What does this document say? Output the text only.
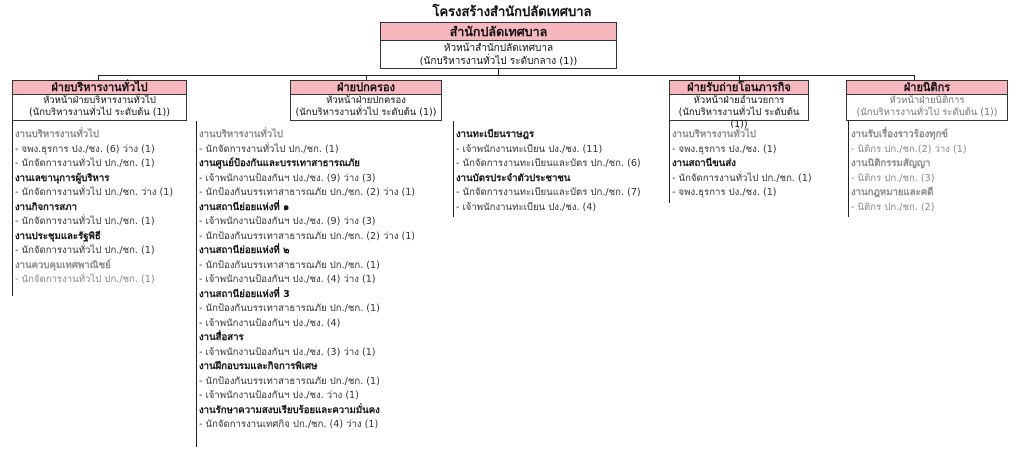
โครงสร้างสำนักปลัดเทศบาล
สำนักปลัดเทศบาล
หัวหน้าสำนักปลัดเทศบาล
(นักบริหารงานทั่วไป ระดับกลาง (1))
ฝ่ายบริหารงานทั่วไป
หัวหน้าฝ่ายบริหารงานทั่วไป
(นักบริหารงานทั่วไป ระดับต้น (1))
ฝ่ายปกครอง
หัวหน้าฝ่ายปกครอง
(นักบริหารงานทั่วไป ระดับต้น (1))
ฝ่ายรับถ่ายโอนภารกิจ
หัวหน้าฝ่ายอำนวยการ
(นักบริหารงานทั่วไป ระดับต้น (1))
ฝ่ายนิติกร
หัวหน้าฝ่ายนิติการ
(นักบริหารงานทั่วไป ระดับต้น (1))
งานบริหารงานทั่วไป
- จพง.ธุรการ ปง./ชง. (6) ว่าง (1)
- นักจัดการงานทั่วไป ปก./ชก. (1)
งานเลขานุการผู้บริหาร
- นักจัดการงานทั่วไป ปก./ชก. ว่าง (1)
งานกิจการสภา
- นักจัดการงานทั่วไป ปก./ชก. (1)
งานประชุมและรัฐพิธี
- นักจัดการงานทั่วไป ปก./ชก. (1)
งานควบคุมเทศพาณิชย์
- นักจัดการงานทั่วไป ปก./ชก. (1)
งานบริหารงานทั่วไป
- นักจัดการงานทั่วไป ปก./ชก. (1)
งานศูนย์ป้องกันและบรรเทาสาธารณภัย
- เจ้าพนักงานป้องกันฯ ปง./ชง. (9) ว่าง (3)
- นักป้องกันบรรเทาสาธารณภัย ปก./ชก. (2) ว่าง (1)
งานสถานีย่อยแห่งที่ ๑
- เจ้าพนักงานป้องกันฯ ปง./ชง. (9) ว่าง (3)
- นักป้องกันบรรเทาสาธารณภัย ปก./ชก. (2) ว่าง (1)
งานสถานีย่อยแห่งที่ ๒
- นักป้องกันบรรเทาสาธารณภัย ปก./ชก. (1)
- เจ้าพนักงานป้องกันฯ ปง./ชง. (4) ว่าง (1)
งานสถานีย่อยแห่งที่ 3
- นักป้องกันบรรเทาสาธารณภัย ปก./ชก. (1)
- เจ้าพนักงานป้องกันฯ ปง./ชง. (4)
งานสื่อสาร
- เจ้าพนักงานป้องกันฯ ปง./ชง. (3) ว่าง (1)
งานฝึกอบรมและกิจการพิเศษ
- นักป้องกันบรรเทาสาธารณภัย ปก./ชก. (1)
- เจ้าพนักงานป้องกันฯ ปง./ชง. ว่าง (1)
งานรักษาความสงบเรียบร้อยและความมั่นคง
- นักจัดการงานเทศกิจ ปก./ชก. (4) ว่าง (1)
งานทะเบียนราษฎร
- เจ้าพนักงานทะเบียน ปง./ชง. (11)
- นักจัดการงานทะเบียนและบัตร ปก./ชก. (6)
งานบัตรประจำตัวประชาชน
- นักจัดการงานทะเบียนและบัตร ปก./ชก. (7)
- เจ้าพนักงานทะเบียน ปง./ชง. (4)
งานบริหารงานทั่วไป
- จพง.ธุรการ ปง./ชง. (1)
งานสถานีขนส่ง
- นักจัดการงานทั่วไป ปก./ชก. (1)
- จพง.ธุรการ ปง./ชง. (1)
งานรับเรื่องราวร้องทุกข์
- นิติกร ปก./ชก.(2) ว่าง (1)
งานนิติกรรมสัญญา
- นิติกร ปก./ชก. (3)
งานกฎหมายและคดี
- นิติกร ปก./ชก. (2)
